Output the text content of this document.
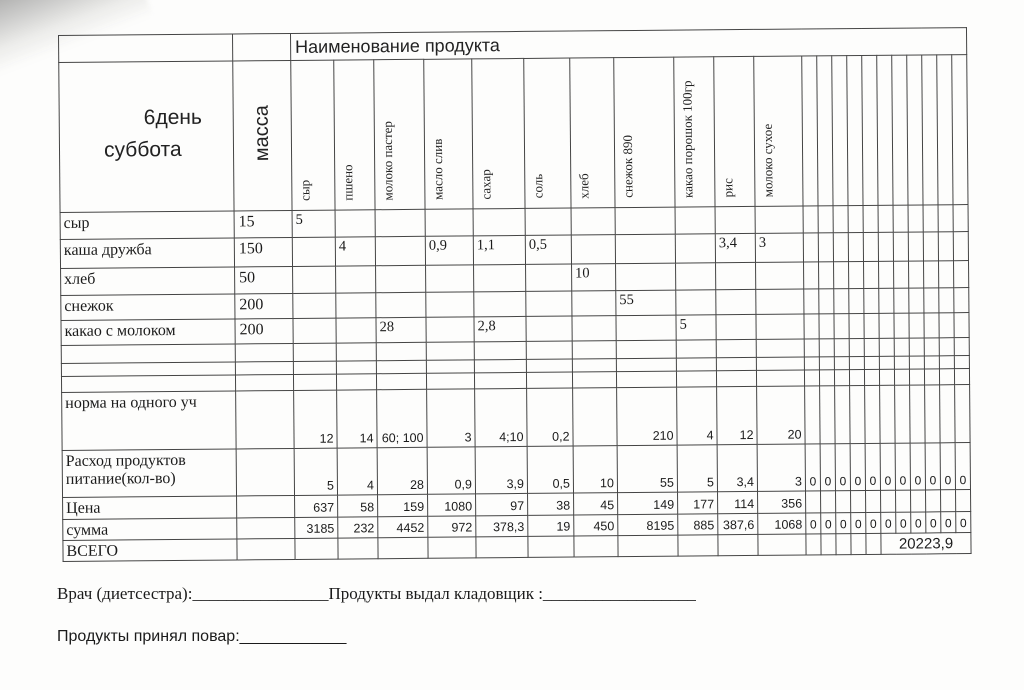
		Наименование продукта																					

6день
суббота	масса	сыр	пшено	молоко пастер	масло слив	сахар	соль	хлеб	снежок 890	какао порошок 100гр	рис	молоко сухое											
сыр	15	5																					
каша дружба	150		4		0,9	1,1	0,5				3,4	3											
хлеб	50							10															
снежок	200								55														
какао с молоком	200			28		2,8				5													

норма на одного уч		12	14	60; 100	3	4;10	0,2		210	4	12	20											

Расход продуктов
питание(кол-во)		5	4	28	0,9	3,9	0,5	10	55	5	3,4	3	0	0	0	0	0	0	0	0	0	0	0
Цена		637	58	159	1080	97	38	45	149	177	114	356											
сумма		3185	232	4452	972	378,3	19	450	8195	885	387,6	1068	0	0	0	0	0	0	0	0	0	0	0
ВСЕГО																		20223,9					
Врач (диетсестра):________________Продукты выдал кладовщик :__________________
Продукты принял повар:____________
